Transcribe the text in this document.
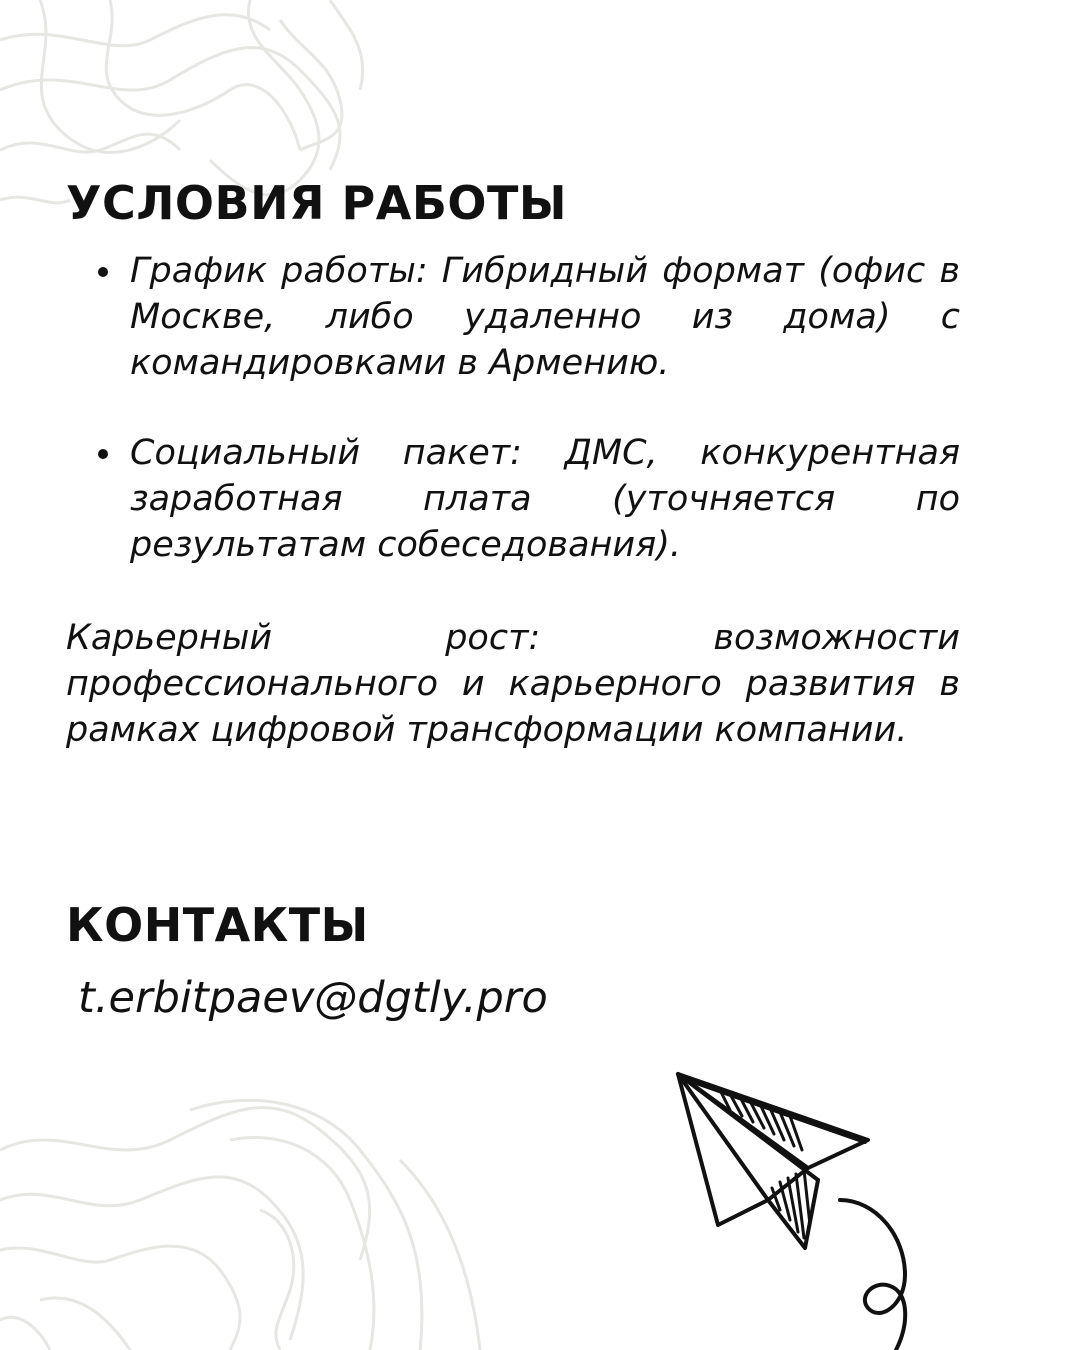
УСЛОВИЯ РАБОТЫ
График работы: Гибридный формат (офис в Москве, либо удаленно из дома) с командировками в Армению.
Социальный пакет: ДМС, конкурентная заработная плата (уточняется по результатам собеседования).

Карьерный рост: возможности профессионального и карьерного развития в рамках цифровой трансформации компании.

КОНТАКТЫ

t.erbitpaev@dgtly.pro
